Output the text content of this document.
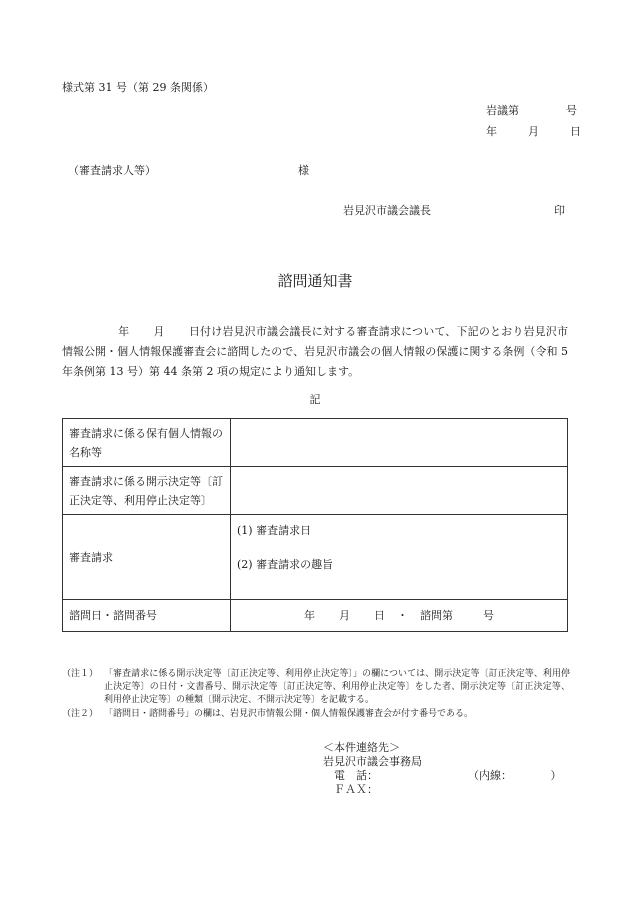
様式第 31 号（第 29 条関係）
岩議第	号
年	月	日
（審査請求人等）	様
岩見沢市議会議長	印
諮問通知書
年 月 日付け岩見沢市議会議長に対する審査請求について、下記のとおり岩見沢市情報公開・個人情報保護審査会に諮問したので、岩見沢市議会の個人情報の保護に関する条例（令和 5 年条例第 13 号）第 44 条第 2 項の規定により通知します。
記
審査請求に係る保有個人情報の名称等	
審査請求に係る開示決定等〔訂正決定等、利用停止決定等〕	
審査請求	(1) 審査請求日
(2) 審査請求の趣旨

諮問日・諮問番号	年 月 日 ・ 諮問第 号
（注１） 「審査請求に係る開示決定等〔訂正決定等、利用停止決定等〕」の欄については、開示決定等〔訂正決定等、利用停止決定等〕の日付・文書番号、開示決定等〔訂正決定等、利用停止決定等〕をした者、開示決定等〔訂正決定等、利用停止決定等〕の種類〔開示決定、不開示決定等〕を記載する。
（注２） 「諮問日・諮問番号」の欄は、岩見沢市情報公開・個人情報保護審査会が付す番号である。
＜本件連絡先＞
岩見沢市議会事務局
電　話：	（内線：　　　　）
ＦＡＸ：
